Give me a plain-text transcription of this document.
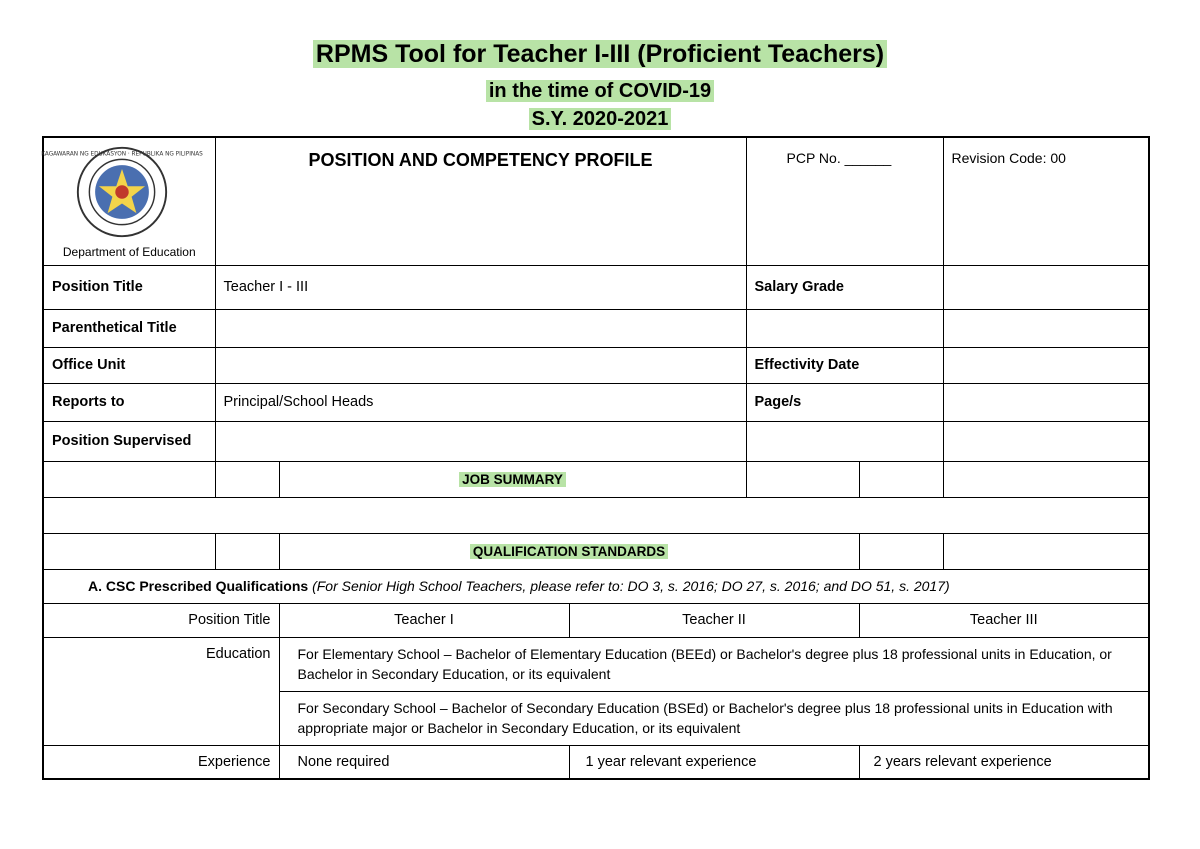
RPMS Tool for Teacher I-III (Proficient Teachers)
in the time of COVID-19
S.Y. 2020-2021
KAGAWARAN NG EDUKASYON · REPUBLIKA NG PILIPINAS
Department of Education	POSITION AND COMPETENCY PROFILE			PCP No. ______		Revision Code: 00
Position Title	Teacher I - III			Salary Grade		
Parenthetical Title						
Office Unit				Effectivity Date		
Reports to	Principal/School Heads			Page/s		
Position Supervised						
		JOB SUMMARY				

		QUALIFICATION STANDARDS				
A. CSC Prescribed Qualifications (For Senior High School Teachers, please refer to: DO 3, s. 2016; DO 27, s. 2016; and DO 51, s. 2017)						
Position Title		Teacher I	Teacher II		Teacher III	
Education		For Elementary School – Bachelor of Elementary Education (BEEd) or Bachelor's degree plus 18 professional units in Education, or Bachelor in Secondary Education, or its equivalent				
		For Secondary School – Bachelor of Secondary Education (BSEd) or Bachelor's degree plus 18 professional units in Education with appropriate major or Bachelor in Secondary Education, or its equivalent				
Experience		None required	1 year relevant experience		2 years relevant experience	
